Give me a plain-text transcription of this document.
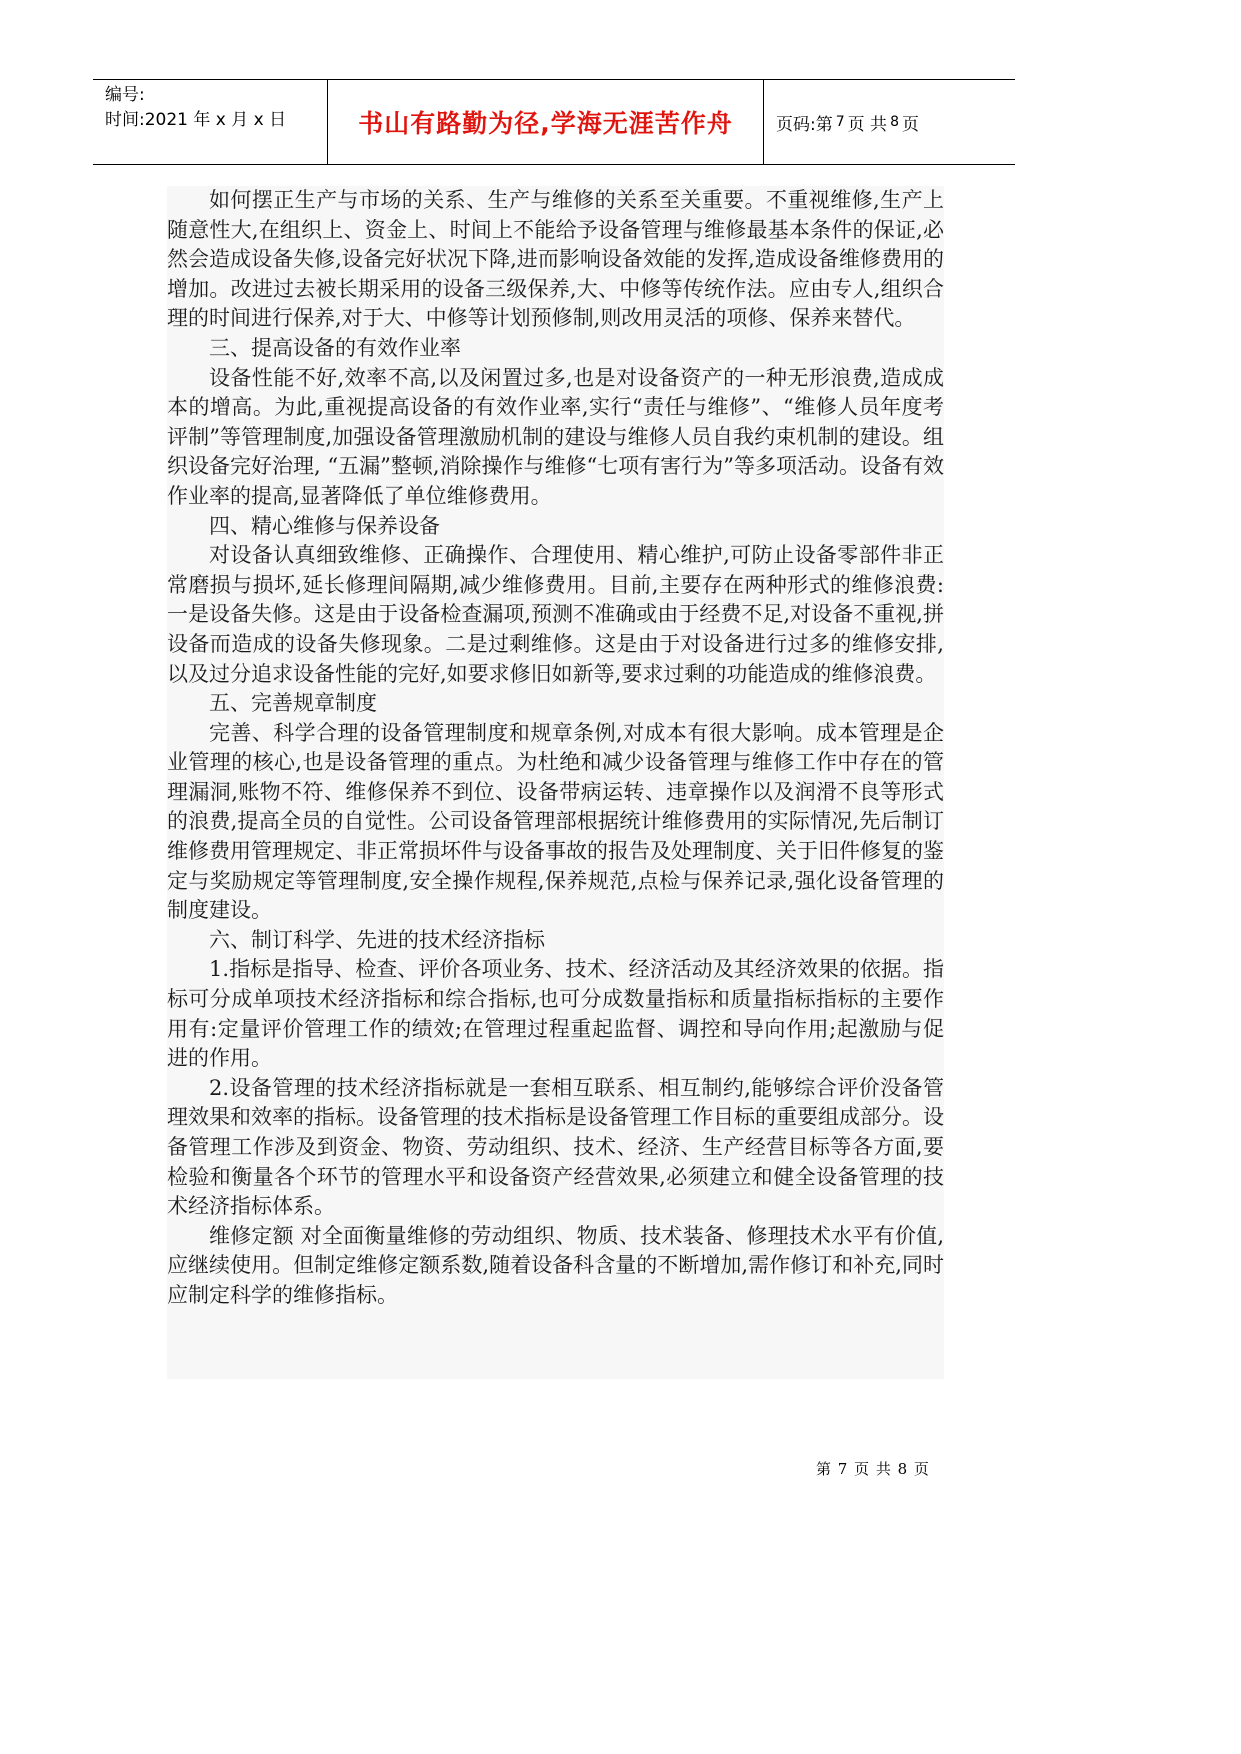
编号:
时间:2021 年 x 月 x 日	书山有路勤为径,学海无涯苦作舟	页码:第 7 页 共 8 页

如何摆正生产与市场的关系、生产与维修的关系至关重要。不重视维修,生产上随意性大,在组织上、资金上、时间上不能给予设备管理与维修最基本条件的保证,必然会造成设备失修,设备完好状况下降,进而影响设备效能的发挥,造成设备维修费用的增加。改进过去被长期采用的设备三级保养,大、中修等传统作法。应由专人,组织合理的时间进行保养,对于大、中修等计划预修制,则改用灵活的项修、保养来替代。

三、提高设备的有效作业率

设备性能不好,效率不高,以及闲置过多,也是对设备资产的一种无形浪费,造成成本的增高。为此,重视提高设备的有效作业率,实行“责任与维修”、“维修人员年度考评制”等管理制度,加强设备管理激励机制的建设与维修人员自我约束机制的建设。组织设备完好治理, “五漏”整顿,消除操作与维修“七项有害行为”等多项活动。设备有效作业率的提高,显著降低了单位维修费用。

四、精心维修与保养设备

对设备认真细致维修、正确操作、合理使用、精心维护,可防止设备零部件非正常磨损与损坏,延长修理间隔期,减少维修费用。目前,主要存在两种形式的维修浪费:一是设备失修。这是由于设备检查漏项,预测不准确或由于经费不足,对设备不重视,拼设备而造成的设备失修现象。二是过剩维修。这是由于对设备进行过多的维修安排,以及过分追求设备性能的完好,如要求修旧如新等,要求过剩的功能造成的维修浪费。

五、完善规章制度

完善、科学合理的设备管理制度和规章条例,对成本有很大影响。成本管理是企业管理的核心,也是设备管理的重点。为杜绝和减少设备管理与维修工作中存在的管理漏洞,账物不符、维修保养不到位、设备带病运转、违章操作以及润滑不良等形式的浪费,提高全员的自觉性。公司设备管理部根据统计维修费用的实际情况,先后制订维修费用管理规定、非正常损坏件与设备事故的报告及处理制度、关于旧件修复的鉴定与奖励规定等管理制度,安全操作规程,保养规范,点检与保养记录,强化设备管理的制度建设。

六、制订科学、先进的技术经济指标

1.指标是指导、检查、评价各项业务、技术、经济活动及其经济效果的依据。指标可分成单项技术经济指标和综合指标,也可分成数量指标和质量指标指标的主要作用有:定量评价管理工作的绩效;在管理过程重起监督、调控和导向作用;起激励与促进的作用。

2.设备管理的技术经济指标就是一套相互联系、相互制约,能够综合评价没备管理效果和效率的指标。设备管理的技术指标是设备管理工作目标的重要组成部分。设备管理工作涉及到资金、物资、劳动组织、技术、经济、生产经营目标等各方面,要检验和衡量各个环节的管理水平和设备资产经营效果,必须建立和健全设备管理的技术经济指标体系。

维修定额 对全面衡量维修的劳动组织、物质、技术装备、修理技术水平有价值,应继续使用。但制定维修定额系数,随着设备科含量的不断增加,需作修订和补充,同时应制定科学的维修指标。

第 7 页 共 8 页
